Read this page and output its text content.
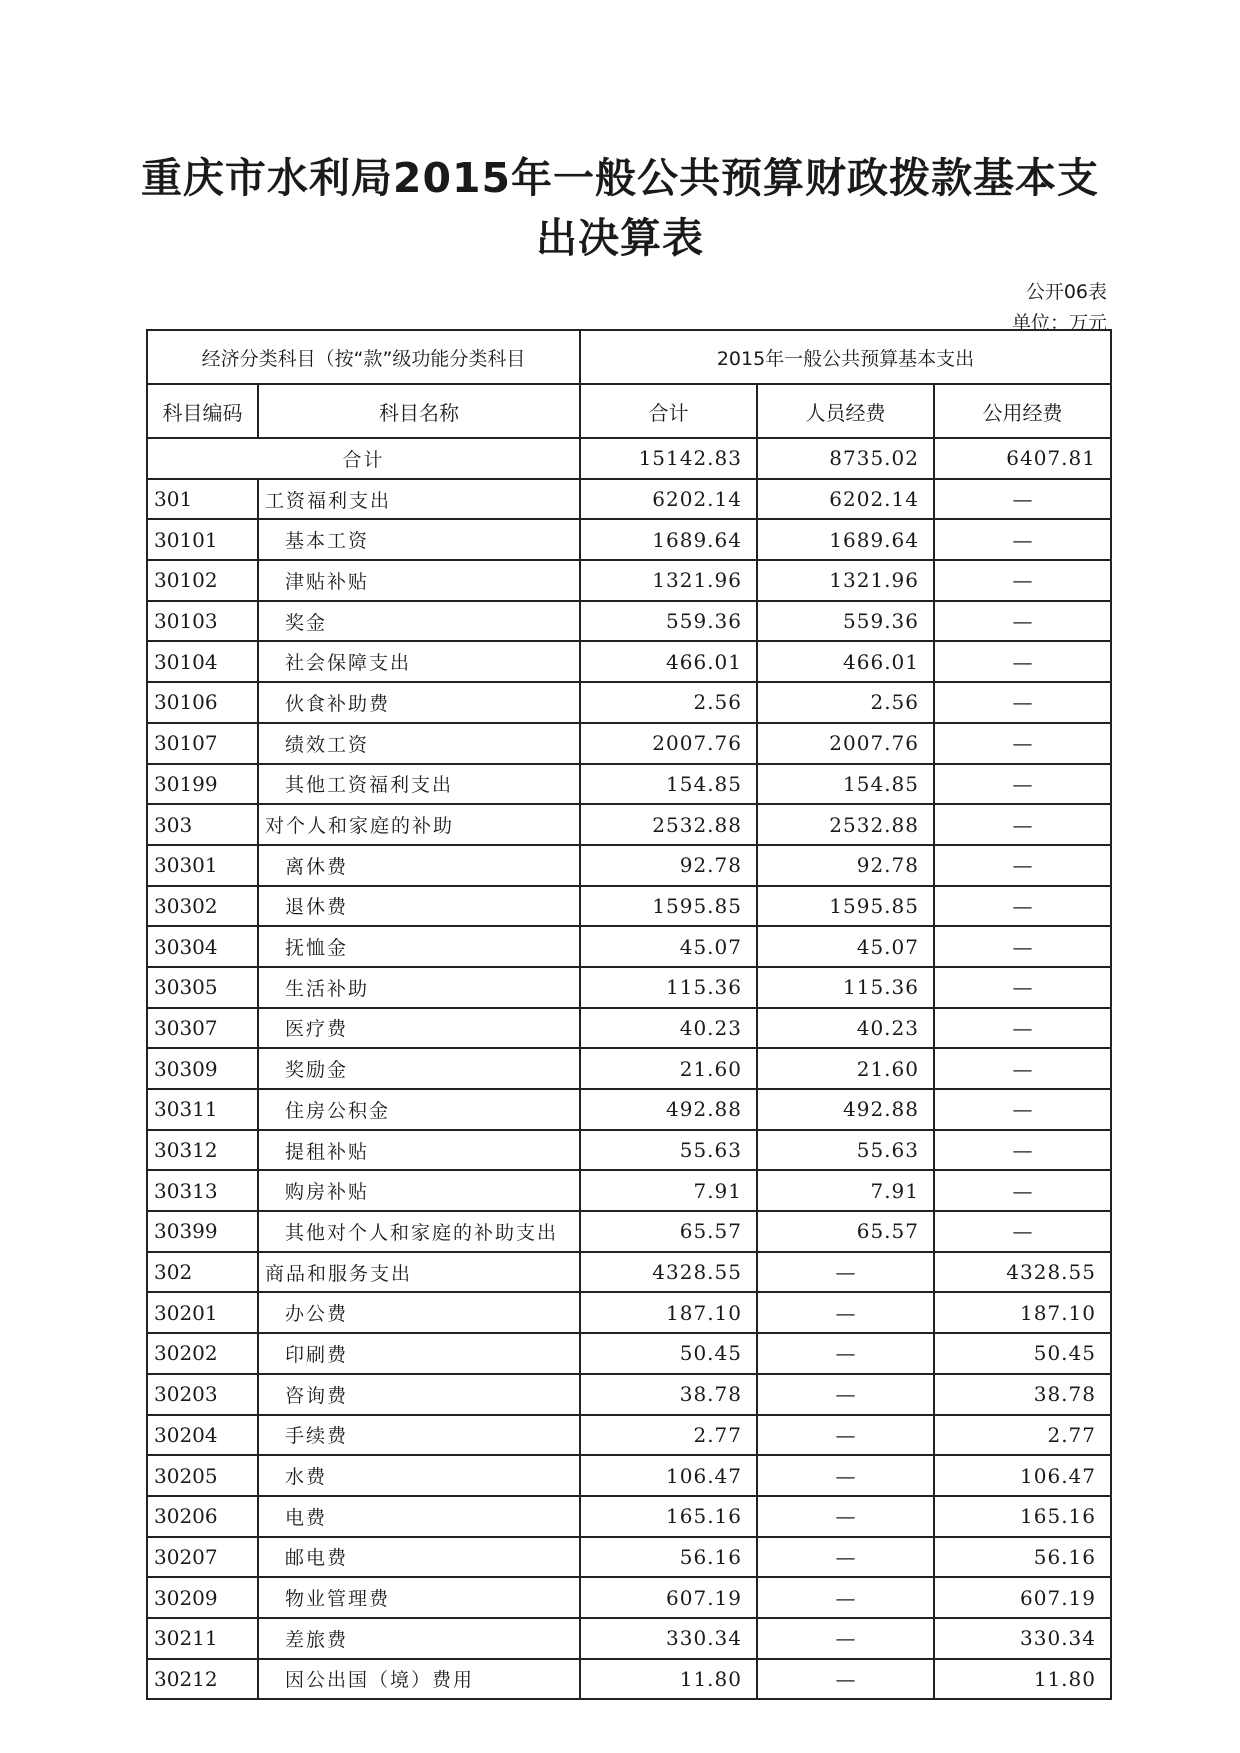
重庆市水利局2015年一般公共预算财政拨款基本支
出决算表
公开06表
单位：万元
经济分类科目（按“款”级功能分类科目		2015年一般公共预算基本支出		
科目编码	科目名称	合计	人员经费	公用经费
合计		15142.83	8735.02	6407.81
301	工资福利支出	6202.14	6202.14	—
30101	基本工资	1689.64	1689.64	—
30102	津贴补贴	1321.96	1321.96	—
30103	奖金	559.36	559.36	—
30104	社会保障支出	466.01	466.01	—
30106	伙食补助费	2.56	2.56	—
30107	绩效工资	2007.76	2007.76	—
30199	其他工资福利支出	154.85	154.85	—
303	对个人和家庭的补助	2532.88	2532.88	—
30301	离休费	92.78	92.78	—
30302	退休费	1595.85	1595.85	—
30304	抚恤金	45.07	45.07	—
30305	生活补助	115.36	115.36	—
30307	医疗费	40.23	40.23	—
30309	奖励金	21.60	21.60	—
30311	住房公积金	492.88	492.88	—
30312	提租补贴	55.63	55.63	—
30313	购房补贴	7.91	7.91	—
30399	其他对个人和家庭的补助支出	65.57	65.57	—
302	商品和服务支出	4328.55	—	4328.55
30201	办公费	187.10	—	187.10
30202	印刷费	50.45	—	50.45
30203	咨询费	38.78	—	38.78
30204	手续费	2.77	—	2.77
30205	水费	106.47	—	106.47
30206	电费	165.16	—	165.16
30207	邮电费	56.16	—	56.16
30209	物业管理费	607.19	—	607.19
30211	差旅费	330.34	—	330.34
30212	因公出国（境）费用	11.80	—	11.80
